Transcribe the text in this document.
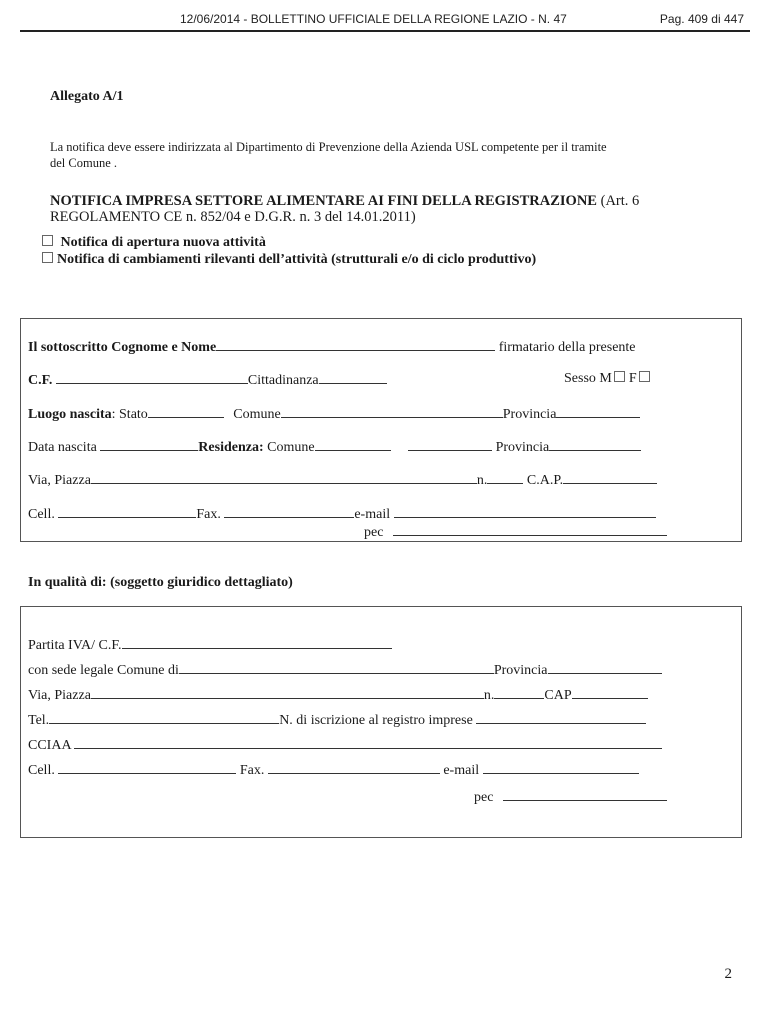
12/06/2014 - BOLLETTINO UFFICIALE DELLA REGIONE LAZIO - N. 47	Pag. 409 di 447
Allegato A/1
La notifica deve essere indirizzata al Dipartimento di Prevenzione della Azienda USL competente per il tramite
del Comune .
NOTIFICA IMPRESA SETTORE ALIMENTARE AI FINI DELLA REGISTRAZIONE (Art. 6
REGOLAMENTO CE n. 852/04 e D.G.R. n. 3 del 14.01.2011)
Notifica di apertura nuova attività
Notifica di cambiamenti rilevanti dell’attività (strutturali e/o di ciclo produttivo)
Il sottoscritto Cognome e Nome	firmatario della presente
C.F.	Cittadinanza	Sesso M F
Luogo nascita: Stato	Comune	Provincia
Data nascita	Residenza: Comune	Provincia
Via, Piazza	n.	C.A.P.
Cell.	Fax.	e-mail
pec
In qualità di: (soggetto giuridico dettagliato)
Partita IVA/ C.F.
con sede legale Comune di	Provincia
Via, Piazza	n.	CAP
Tel.	N. di iscrizione al registro imprese
CCIAA
Cell.	Fax.	e-mail
pec
2
